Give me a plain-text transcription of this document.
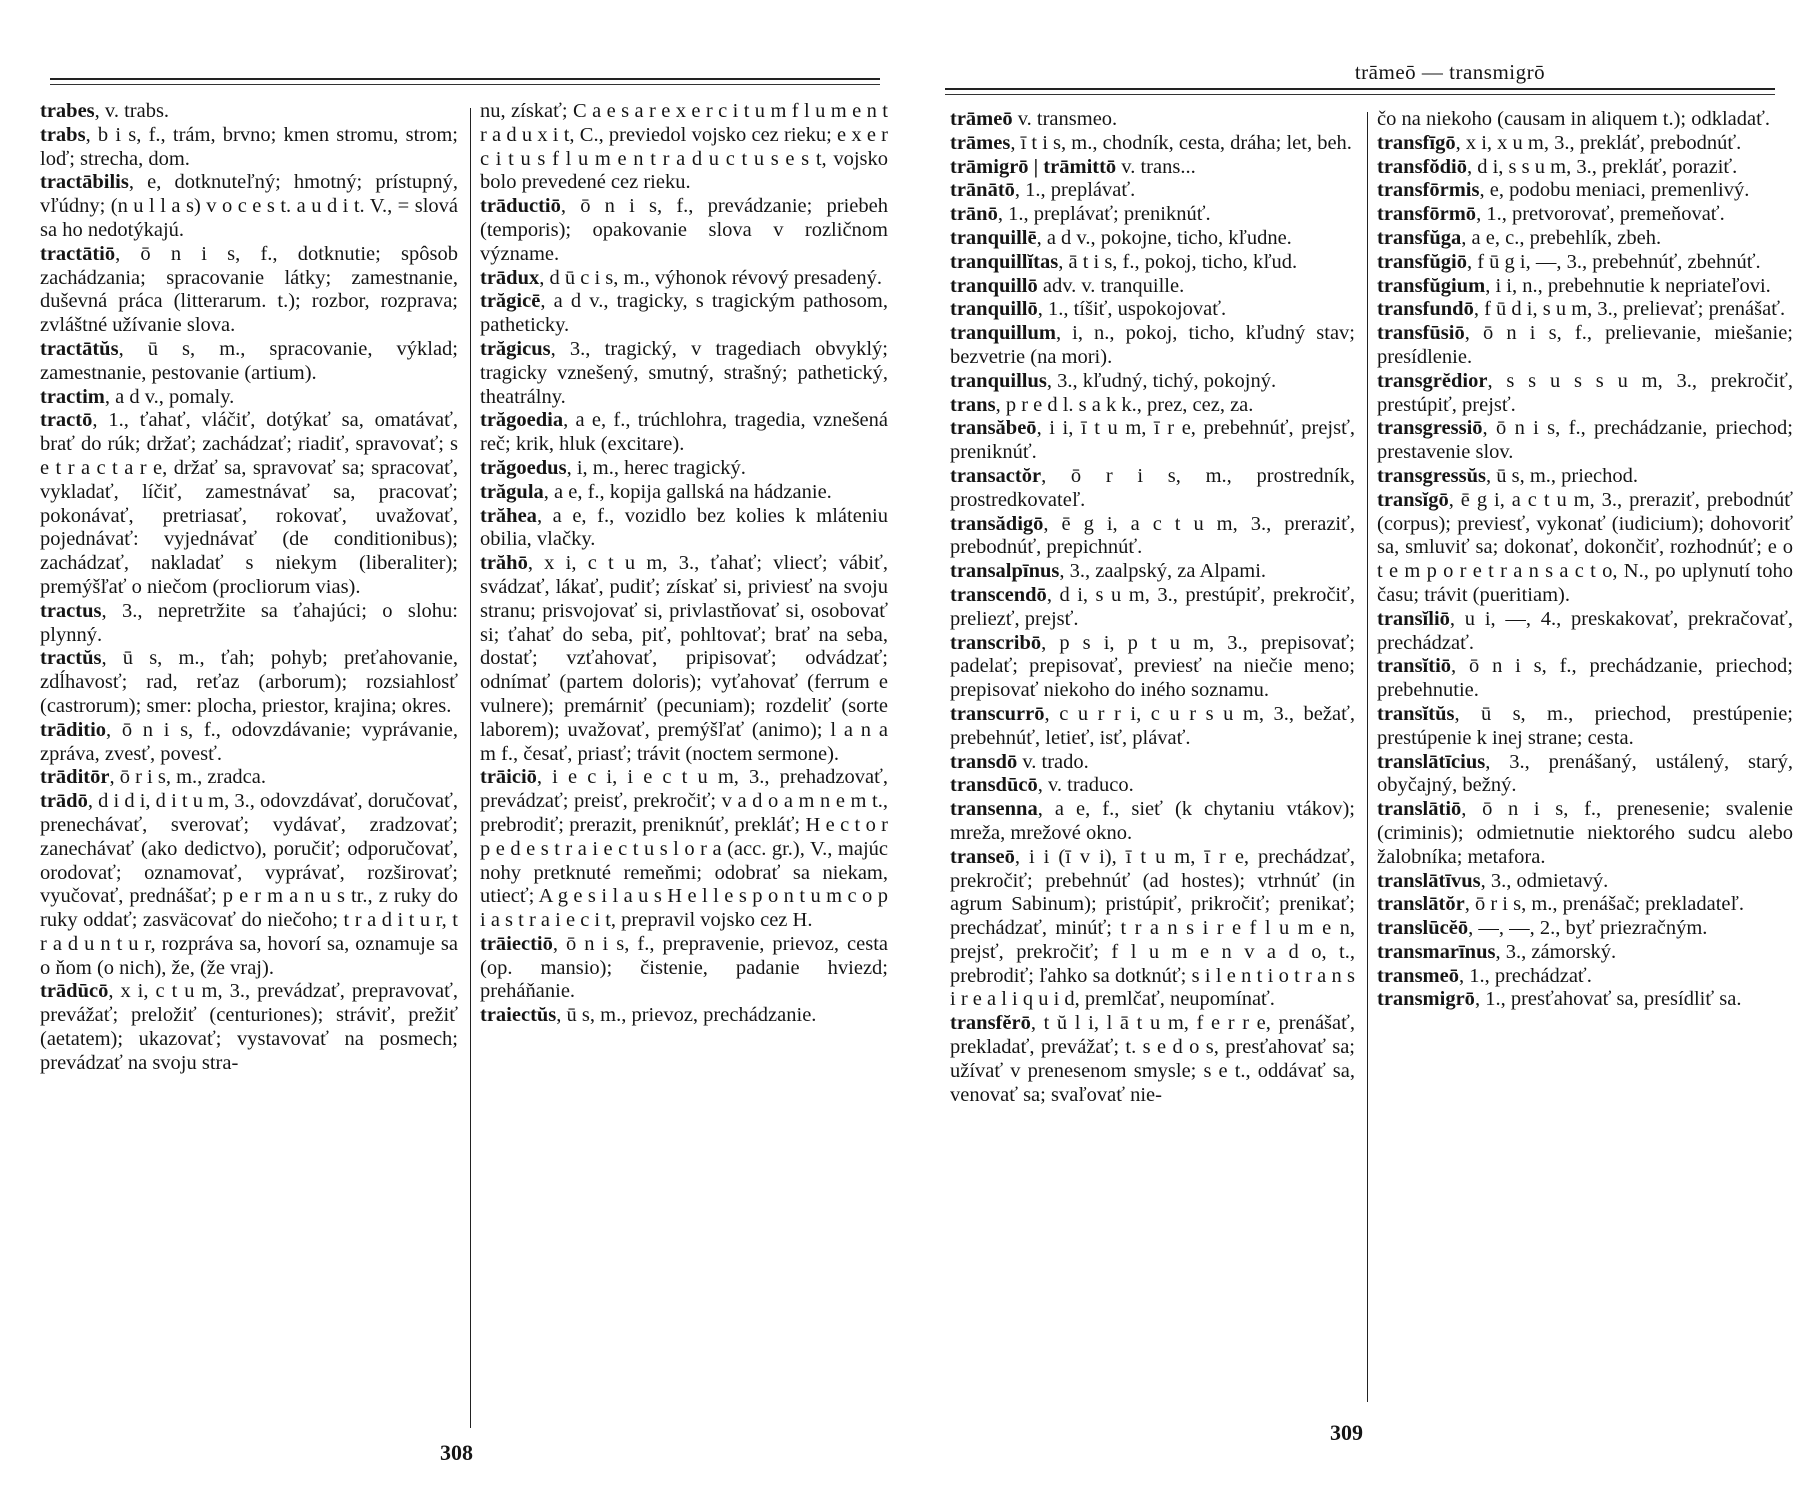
trabes, v. trabs.

trabs, b i s, f., trám, brvno; kmen stromu, strom; loď; strecha, dom.

tractābilis, e, dotknuteľný; hmotný; prístupný, vľúdny; (n u l l a s) v o c e s t. a u d i t. V., = slová sa ho nedotýkajú.

tractātiō, ō n i s, f., dotknutie; spôsob zachádzania; spracovanie látky; zamestnanie, duševná práca (litterarum. t.); rozbor, rozprava; zvláštné užívanie slova.

tractātŭs, ū s, m., spracovanie, výklad; zamestnanie, pestovanie (artium).

tractim, a d v., pomaly.

tractō, 1., ťahať, vláčiť, dotýkať sa, omatávať, brať do rúk; držať; zachádzať; riadiť, spravovať; s e t r a c t a r e, držať sa, spravovať sa; spracovať, vykladať, líčiť, zamestnávať sa, pracovať; pokonávať, pretriasať, rokovať, uvažovať, pojednávať: vyjednávať (de conditionibus); zachádzať, nakladať s niekym (liberaliter); premýšľať o niečom (procliorum vias).

tractus, 3., nepretržite sa ťahajúci; o slohu: plynný.

tractŭs, ū s, m., ťah; pohyb; preťahovanie, zdĺhavosť; rad, reťaz (arborum); rozsiahlosť (castrorum); smer: plocha, priestor, krajina; okres.

trāditio, ō n i s, f., odovzdávanie; vyprávanie, zpráva, zvesť, povesť.

trāditōr, ō r i s, m., zradca.

trādō, d i d i, d i t u m, 3., odovzdávať, doručovať, prenechávať, sverovať; vydávať, zradzovať; zanechávať (ako dedictvo), poručiť; odporučovať, orodovať; oznamovať, vyprávať, rozširovať; vyučovať, prednášať; p e r m a n u s tr., z ruky do ruky oddať; zasväcovať do niečoho; t r a d i t u r, t r a d u n t u r, rozpráva sa, hovorí sa, oznamuje sa o ňom (o nich), že, (že vraj).

trādūcō, x i, c t u m, 3., prevádzať, prepravovať, prevážať; preložiť (centuriones); stráviť, prežiť (aetatem); ukazovať; vystavovať na posmech; prevádzať na svoju stra-

nu, získať; C a e s a r e x e r c i t u m f l u m e n t r a d u x i t, C., previedol vojsko cez rieku; e x e r c i t u s f l u m e n t r a d u c t u s e s t, vojsko bolo prevedené cez rieku.

trāductiō, ō n i s, f., prevádzanie; priebeh (temporis); opakovanie slova v rozličnom význame.

trādux, d ū c i s, m., výhonok révový presadený.

trăgicē, a d v., tragicky, s tragickým pathosom, patheticky.

trăgicus, 3., tragický, v tragediach obvyklý; tragicky vznešený, smutný, strašný; pathetický, theatrálny.

trăgoedia, a e, f., trúchlohra, tragedia, vznešená reč; krik, hluk (excitare).

trăgoedus, i, m., herec tragický.

trăgula, a e, f., kopija gallská na hádzanie.

trăhea, a e, f., vozidlo bez kolies k mláteniu obilia, vlačky.

trăhō, x i, c t u m, 3., ťahať; vliecť; vábiť, svádzať, lákať, pudiť; získať si, priviesť na svoju stranu; prisvojovať si, privlastňovať si, osobovať si; ťahať do seba, piť, pohltovať; brať na seba, dostať; vzťahovať, pripisovať; odvádzať; odnímať (partem doloris); vyťahovať (ferrum e vulnere); premárniť (pecuniam); rozdeliť (sorte laborem); uvažovať, premýšľať (animo); l a n a m f., česať, priasť; trávit (noctem sermone).

trāiciō, i e c i, i e c t u m, 3., prehadzovať, prevádzať; preisť, prekročiť; v a d o a m n e m t., prebrodiť; prerazit, preniknúť, prekláť; H e c t o r p e d e s t r a i e c t u s l o r a (acc. gr.), V., majúc nohy pretknuté remeňmi; odobrať sa niekam, utiecť; A g e s i l a u s H e l l e s p o n t u m c o p i a s t r a i e c i t, prepravil vojsko cez H.

trāiectiō, ō n i s, f., prepravenie, prievoz, cesta (op. mansio); čistenie, padanie hviezd; preháňanie.

traiectŭs, ū s, m., prievoz, prechádzanie.

308
trāmeō — transmigrō

trāmeō v. transmeo.

trāmes, ī t i s, m., chodník, cesta, dráha; let, beh.

trāmigrō | trāmittō v. trans...

trānātō, 1., preplávať.

trānō, 1., preplávať; preniknúť.

tranquillē, a d v., pokojne, ticho, kľudne.

tranquillĭtas, ā t i s, f., pokoj, ticho, kľud.

tranquillō adv. v. tranquille.

tranquillō, 1., tíšiť, uspokojovať.

tranquillum, i, n., pokoj, ticho, kľudný stav; bezvetrie (na mori).

tranquillus, 3., kľudný, tichý, pokojný.

trans, p r e d l. s a k k., prez, cez, za.

transăbeō, i i, ī t u m, ī r e, prebehnúť, prejsť, preniknúť.

transactŏr, ō r i s, m., prostredník, prostredkovateľ.

transădigō, ē g i, a c t u m, 3., preraziť, prebodnúť, prepichnúť.

transalpīnus, 3., zaalpský, za Alpami.

transcendō, d i, s u m, 3., prestúpiť, prekročiť, preliezť, prejsť.

transcribō, p s i, p t u m, 3., prepisovať; padelať; prepisovať, previesť na niečie meno; prepisovať niekoho do iného soznamu.

transcurrō, c u r r i, c u r s u m, 3., bežať, prebehnúť, letieť, isť, plávať.

transdō v. trado.

transdūcō, v. traduco.

transenna, a e, f., sieť (k chytaniu vtákov); mreža, mrežové okno.

transeō, i i (ī v i), ī t u m, ī r e, prechádzať, prekročiť; prebehnúť (ad hostes); vtrhnúť (in agrum Sabinum); pristúpiť, prikročiť; prenikať; prechádzať, minúť; t r a n s i r e f l u m e n, prejsť, prekročiť; f l u m e n v a d o, t., prebrodiť; ľahko sa dotknúť; s i l e n t i o t r a n s i r e a l i q u i d, premlčať, neupomínať.

transfĕrō, t ŭ l i, l ā t u m, f e r r e, prenášať, prekladať, prevážať; t. s e d o s, presťahovať sa; užívať v prenesenom smysle; s e t., oddávať sa, venovať sa; svaľovať nie-

čo na niekoho (causam in aliquem t.); odkladať.

transfīgō, x i, x u m, 3., prekláť, prebodnúť.

transfŏdiō, d i, s s u m, 3., prekláť, poraziť.

transfōrmis, e, podobu meniaci, premenlivý.

transfōrmō, 1., pretvorovať, premeňovať.

transfŭga, a e, c., prebehlík, zbeh.

transfŭgiō, f ū g i, —, 3., prebehnúť, zbehnúť.

transfŭgium, i i, n., prebehnutie k nepriateľovi.

transfundō, f ū d i, s u m, 3., prelievať; prenášať.

transfūsiō, ō n i s, f., prelievanie, miešanie; presídlenie.

transgrĕdior, s s u s s u m, 3., prekročiť, prestúpiť, prejsť.

transgressiō, ō n i s, f., prechádzanie, priechod; prestavenie slov.

transgressŭs, ū s, m., priechod.

transĭgō, ē g i, a c t u m, 3., preraziť, prebodnúť (corpus); previesť, vykonať (iudicium); dohovoriť sa, smluviť sa; dokonať, dokončiť, rozhodnúť; e o t e m p o r e t r a n s a c t o, N., po uplynutí toho času; trávit (pueritiam).

transĭliō, u i, —, 4., preskakovať, prekračovať, prechádzať.

transĭtiō, ō n i s, f., prechádzanie, priechod; prebehnutie.

transĭtŭs, ū s, m., priechod, prestúpenie; prestúpenie k inej strane; cesta.

translātīcius, 3., prenášaný, ustálený, starý, obyčajný, bežný.

translātiō, ō n i s, f., prenesenie; svalenie (criminis); odmietnutie niektorého sudcu alebo žalobníka; metafora.

translātīvus, 3., odmietavý.

translātŏr, ō r i s, m., prenášač; prekladateľ.

translūcĕō, —, —, 2., byť priezračným.

transmarīnus, 3., zámorský.

transmeō, 1., prechádzať.

transmigrō, 1., presťahovať sa, presídliť sa.

309
